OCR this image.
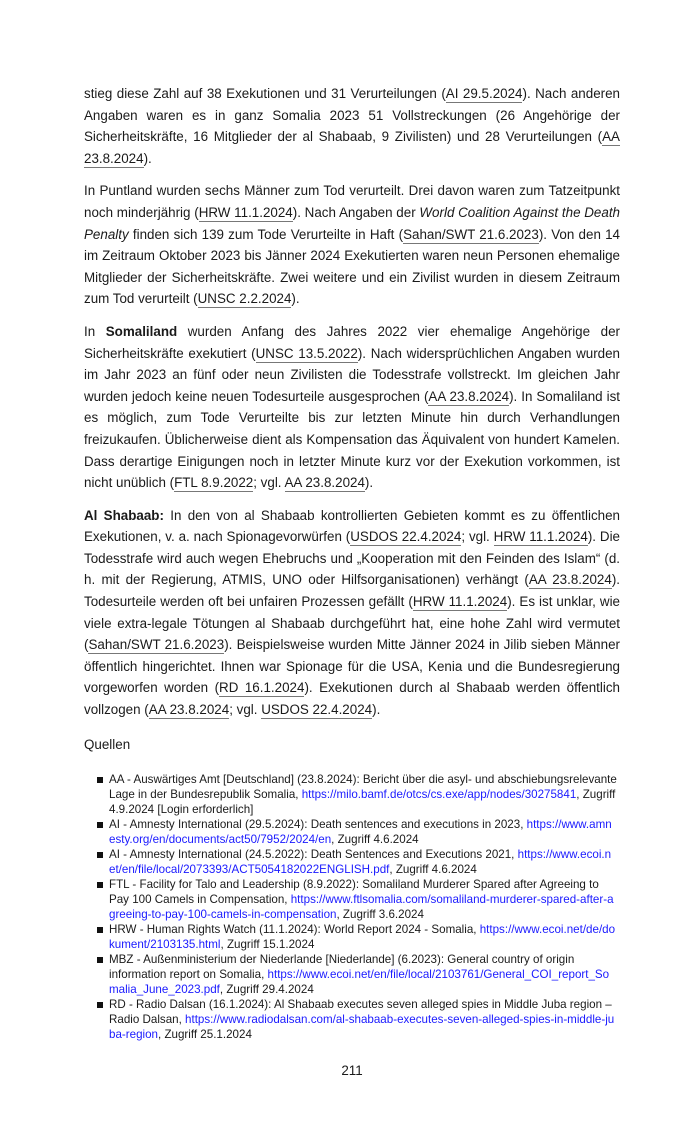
stieg diese Zahl auf 38 Exekutionen und 31 Verurteilungen (AI 29.5.2024). Nach anderen Angaben waren es in ganz Somalia 2023 51 Vollstreckungen (26 Angehörige der Sicherheitskräfte, 16 Mitglieder der al Shabaab, 9 Zivilisten) und 28 Verurteilungen (AA 23.8.2024).

In Puntland wurden sechs Männer zum Tod verurteilt. Drei davon waren zum Tatzeitpunkt noch minderjährig (HRW 11.1.2024). Nach Angaben der World Coalition Against the Death Penalty finden sich 139 zum Tode Verurteilte in Haft (Sahan/SWT 21.6.2023). Von den 14 im Zeitraum Oktober 2023 bis Jänner 2024 Exekutierten waren neun Personen ehemalige Mitglieder der Sicherheitskräfte. Zwei weitere und ein Zivilist wurden in diesem Zeitraum zum Tod verurteilt (UNSC 2.2.2024).

In Somaliland wurden Anfang des Jahres 2022 vier ehemalige Angehörige der Sicherheitskräfte exekutiert (UNSC 13.5.2022). Nach widersprüchlichen Angaben wurden im Jahr 2023 an fünf oder neun Zivilisten die Todesstrafe vollstreckt. Im gleichen Jahr wurden jedoch keine neuen Todesurteile ausgesprochen (AA 23.8.2024). In Somaliland ist es möglich, zum Tode Verurteilte bis zur letzten Minute hin durch Verhandlungen freizukaufen. Üblicherweise dient als Kompensation das Äquivalent von hundert Kamelen. Dass derartige Einigungen noch in letzter Minute kurz vor der Exekution vorkommen, ist nicht unüblich (FTL 8.9.2022; vgl. AA 23.8.2024).

Al Shabaab: In den von al Shabaab kontrollierten Gebieten kommt es zu öffentlichen Exekutionen, v. a. nach Spionagevorwürfen (USDOS 22.4.2024; vgl. HRW 11.1.2024). Die Todesstrafe wird auch wegen Ehebruchs und „Kooperation mit den Feinden des Islam“ (d. h. mit der Regierung, ATMIS, UNO oder Hilfsorganisationen) verhängt (AA 23.8.2024). Todesurteile werden oft bei unfairen Prozessen gefällt (HRW 11.1.2024). Es ist unklar, wie viele extra-legale Tötungen al Shabaab durchgeführt hat, eine hohe Zahl wird vermutet (Sahan/SWT 21.6.2023). Beispielsweise wurden Mitte Jänner 2024 in Jilib sieben Männer öffentlich hingerichtet. Ihnen war Spionage für die USA, Kenia und die Bundesregierung vorgeworfen worden (RD 16.1.2024). Exekutionen durch al Shabaab werden öffentlich vollzogen (AA 23.8.2024; vgl. USDOS 22.4.2024).

Quellen
AA - Auswärtiges Amt [Deutschland] (23.8.2024): Bericht über die asyl- und abschiebungsrelevante Lage in der Bundesrepublik Somalia, https://milo.bamf.de/otcs/cs.exe/app/nodes/30275841, Zugriff 4.9.2024 [Login erforderlich]
AI - Amnesty International (29.5.2024): Death sentences and executions in 2023, https://www.amnesty.org/en/documents/act50/7952/2024/en, Zugriff 4.6.2024
AI - Amnesty International (24.5.2022): Death Sentences and Executions 2021, https://www.ecoi.net/en/file/local/2073393/ACT5054182022ENGLISH.pdf, Zugriff 4.6.2024
FTL - Facility for Talo and Leadership (8.9.2022): Somaliland Murderer Spared after Agreeing to Pay 100 Camels in Compensation, https://www.ftlsomalia.com/somaliland-murderer-spared-after-agreeing-to-pay-100-camels-in-compensation, Zugriff 3.6.2024
HRW - Human Rights Watch (11.1.2024): World Report 2024 - Somalia, https://www.ecoi.net/de/dokument/2103135.html, Zugriff 15.1.2024
MBZ - Außenministerium der Niederlande [Niederlande] (6.2023): General country of origin information report on Somalia, https://www.ecoi.net/en/file/local/2103761/General_COI_report_Somalia_June_2023.pdf, Zugriff 29.4.2024
RD - Radio Dalsan (16.1.2024): Al Shabaab executes seven alleged spies in Middle Juba region – Radio Dalsan, https://www.radiodalsan.com/al-shabaab-executes-seven-alleged-spies-in-middle-juba-region, Zugriff 25.1.2024
211
